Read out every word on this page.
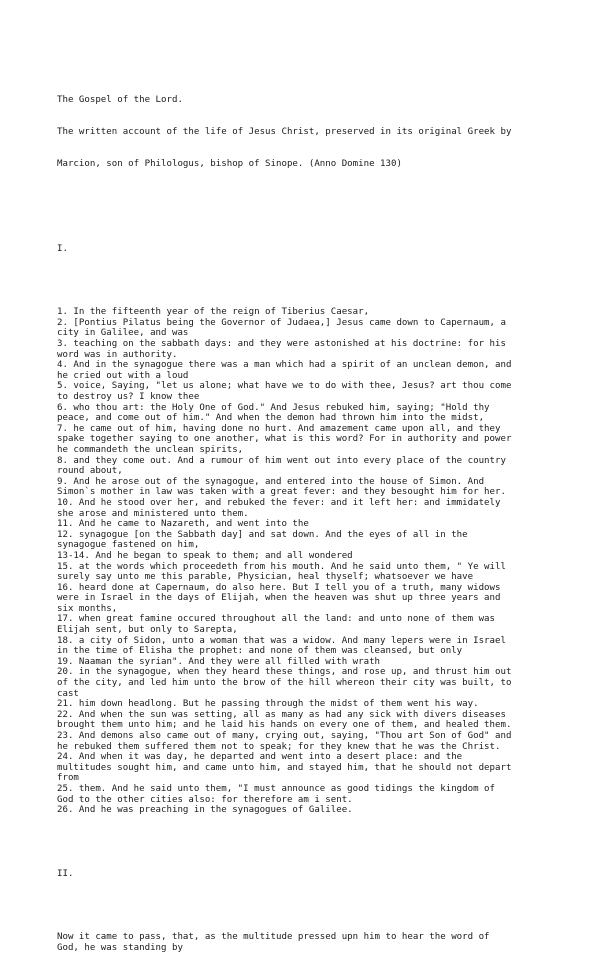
The Gospel of the Lord.

The written account of the life of Jesus Christ, preserved in its original Greek by

Marcion, son of Philologus, bishop of Sinope. (Anno Domine 130)

I.

1. In the fifteenth year of the reign of Tiberius Caesar,
2. [Pontius Pilatus being the Governor of Judaea,] Jesus came down to Capernaum, a
city in Galilee, and was
3. teaching on the sabbath days: and they were astonished at his doctrine: for his
word was in authority.
4. And in the synagogue there was a man which had a spirit of an unclean demon, and
he cried out with a loud
5. voice, Saying, "let us alone; what have we to do with thee, Jesus? art thou come
to destroy us? I know thee
6. who thou art: the Holy One of God." And Jesus rebuked him, saying; "Hold thy
peace, and come out of him." And when the demon had thrown him into the midst,
7. he came out of him, having done no hurt. And amazement came upon all, and they
spake together saying to one another, what is this word? For in authority and power
he commandeth the unclean spirits,
8. and they come out. And a rumour of him went out into every place of the country
round about,
9. And he arose out of the synagogue, and entered into the house of Simon. And
Simon`s mother in law was taken with a great fever: and they besought him for her.
10. And he stood over her, and rebuked the fever: and it left her: and immidately
she arose and ministered unto them.
11. And he came to Nazareth, and went into the
12. synagogue [on the Sabbath day] and sat down. And the eyes of all in the
synagogue fastened on him,
13-14. And he began to speak to them; and all wondered
15. at the words which proceedeth from his mouth. And he said unto them, " Ye will
surely say unto me this parable, Physician, heal thyself; whatsoever we have
16. heard done at Capernaum, do also here. But I tell you of a truth, many widows
were in Israel in the days of Elijah, when the heaven was shut up three years and
six months,
17. when great famine occured throughout all the land: and unto none of them was
Elijah sent, but only to Sarepta,
18. a city of Sidon, unto a woman that was a widow. And many lepers were in Israel
in the time of Elisha the prophet: and none of them was cleansed, but only
19. Naaman the syrian". And they were all filled with wrath
20. in the synagogue, when they heard these things, and rose up, and thrust him out
of the city, and led him unto the brow of the hill whereon their city was built, to
cast
21. him down headlong. But he passing through the midst of them went his way.
22. And when the sun was setting, all as many as had any sick with divers diseases
brought them unto him; and he laid his hands on every one of them, and healed them.
23. And demons also came out of many, crying out, saying, "Thou art Son of God" and
he rebuked them suffered them not to speak; for they knew that he was the Christ.
24. And when it was day, he departed and went into a desert place: and the
multitudes sought him, and came unto him, and stayed him, that he should not depart
from
25. them. And he said unto them, "I must announce as good tidings the kingdom of
God to the other cities also: for therefore am i sent.
26. And he was preaching in the synagogues of Galilee.

II.

Now it came to pass, that, as the multitude pressed upn him to hear the word of
God, he was standing by
